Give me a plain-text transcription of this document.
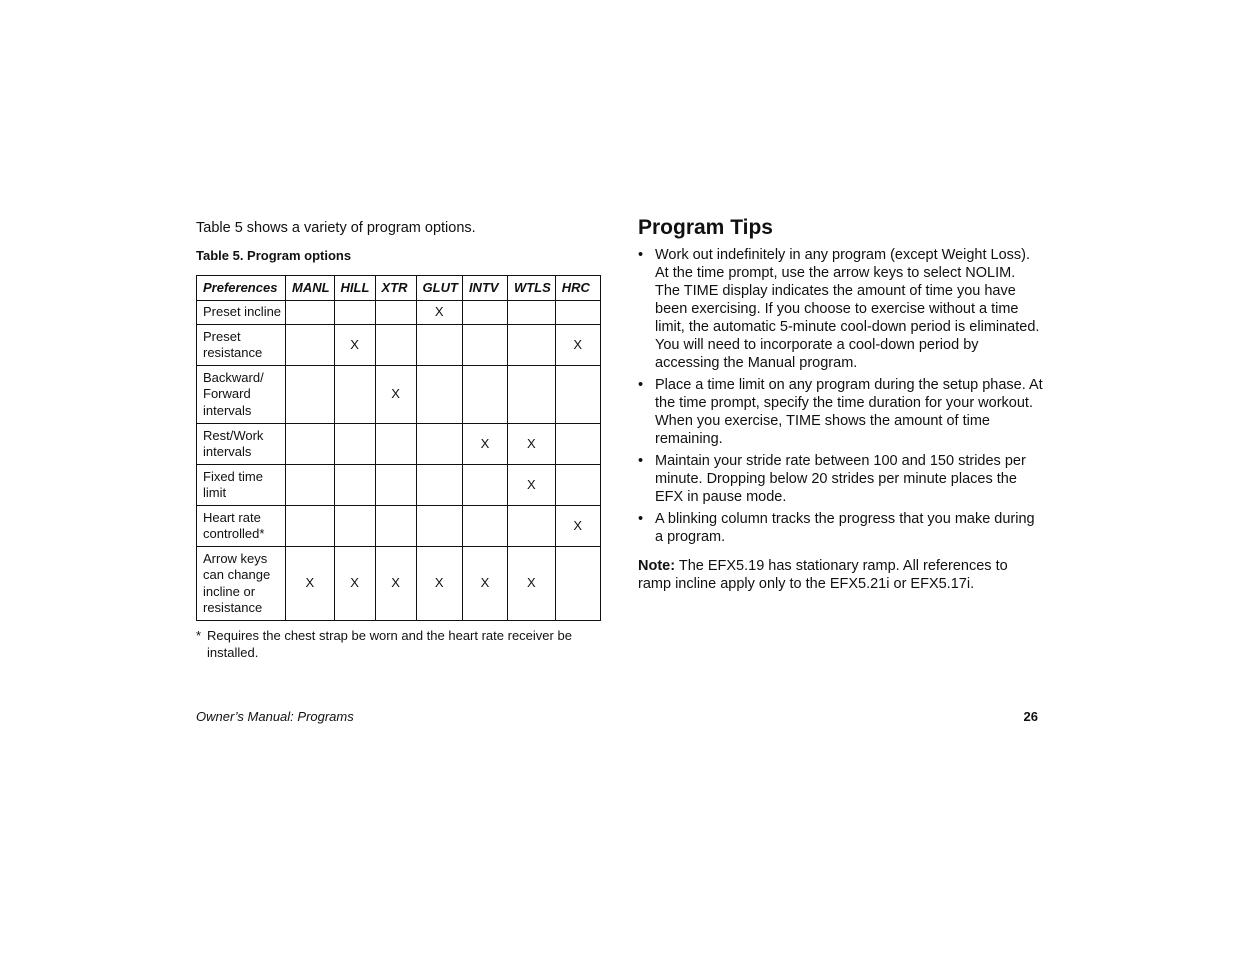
Table 5 shows a variety of program options.
Table 5. Program options
Preferences	MANL	HILL	XTR	GLUT	INTV	WTLS	HRC
Preset incline				X			
Preset
resistance		X					X
Backward/
Forward
intervals			X				
Rest/Work
intervals					X	X	
Fixed time
limit						X	
Heart rate
controlled*							X
Arrow keys
can change
incline or
resistance	X	X	X	X	X	X	
* Requires the chest strap be worn and the heart rate receiver be installed.
Program Tips
• Work out indefinitely in any program (except Weight Loss). At the time prompt, use the arrow keys to select NOLIM. The TIME display indicates the amount of time you have been exercising. If you choose to exercise without a time limit, the automatic 5-minute cool-down period is eliminated. You will need to incorporate a cool-down period by accessing the Manual program.
• Place a time limit on any program during the setup phase. At the time prompt, specify the time duration for your workout. When you exercise, TIME shows the amount of time remaining.
• Maintain your stride rate between 100 and 150 strides per minute. Dropping below 20 strides per minute places the EFX in pause mode.
• A blinking column tracks the progress that you make during a program.
Note: The EFX5.19 has stationary ramp. All references to ramp incline apply only to the EFX5.21i or EFX5.17i.
Owner’s Manual: Programs	26
